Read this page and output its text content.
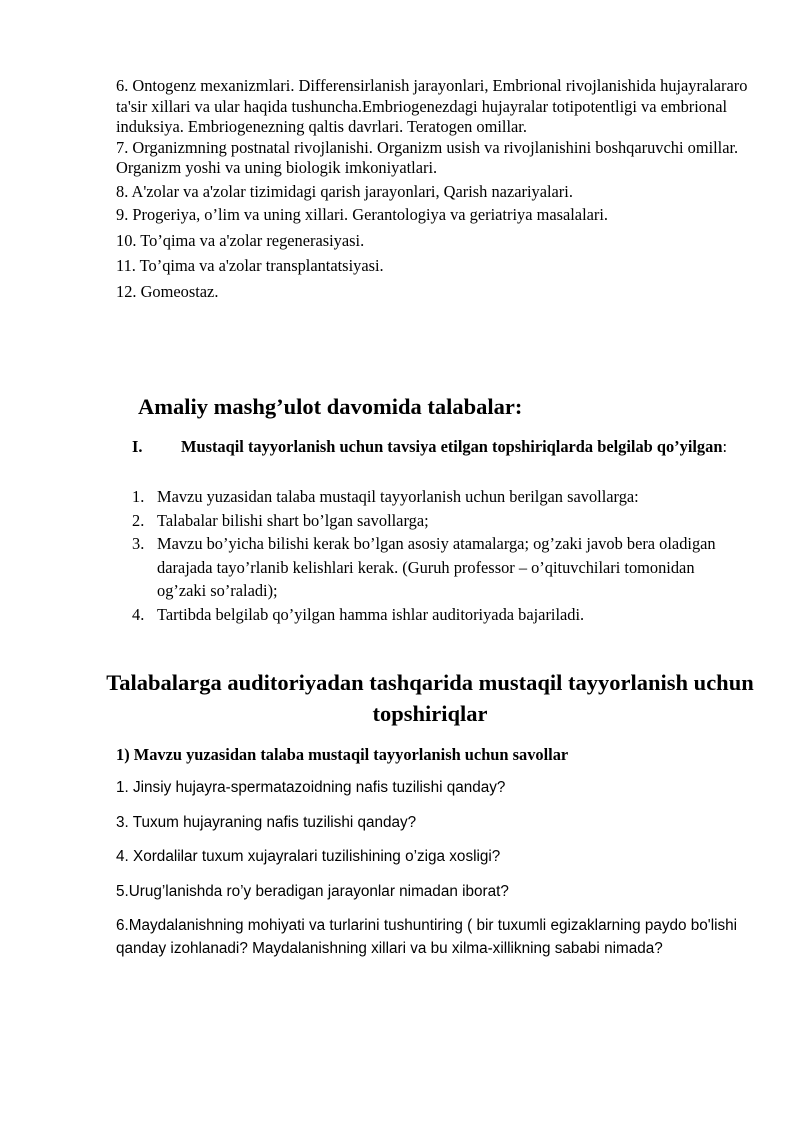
6. Ontogenz mexanizmlari. Differensirlanish jarayonlari, Embrional rivojlanishida hujayralararo ta'sir xillari va ular haqida tushuncha.Embriogenezdagi hujayralar totipotentligi va embrional induksiya. Embriogenezning qaltis davrlari. Teratogen omillar.

7. Organizmning postnatal rivojlanishi. Organizm usish va rivojlanishini boshqaruvchi omillar. Organizm yoshi va uning biologik imkoniyatlari.

8. A'zolar va a'zolar tizimidagi qarish jarayonlari, Qarish nazariyalari.

9. Progeriya, o’lim va uning xillari. Gerantologiya va geriatriya masalalari.

10. To’qima va a'zolar regenerasiyasi.

11. To’qima va a'zolar transplantatsiyasi.

12. Gomeostaz.

Amaliy mashg’ulot davomida talabalar:
I. Mustaqil tayyorlanish uchun tavsiya etilgan topshiriqlarda belgilab qo’yilgan:
1. Mavzu yuzasidan talaba mustaqil tayyorlanish uchun berilgan savollarga:
2. Talabalar bilishi shart bo’lgan savollarga;
3. Mavzu bo’yicha bilishi kerak bo’lgan asosiy atamalarga; og’zaki javob bera oladigan darajada tayo’rlanib kelishlari kerak. (Guruh professor – o’qituvchilari tomonidan og’zaki so’raladi);
4. Tartibda belgilab qo’yilgan hamma ishlar auditoriyada bajariladi.
Talabalarga auditoriyadan tashqarida mustaqil tayyorlanish uchun topshiriqlar

1) Mavzu yuzasidan talaba mustaqil tayyorlanish uchun savollar

1. Jinsiy hujayra-spermatazoidning nafis tuzilishi qanday?

3. Tuxum hujayraning nafis tuzilishi qanday?

4. Xordalilar tuxum xujayralari tuzilishining o’ziga xosligi?

5.Urug’lanishda ro’y beradigan jarayonlar nimadan iborat?

6.Maydalanishning mohiyati va turlarini tushuntiring ( bir tuxumli egizaklarning paydo bo'lishi qanday izohlanadi? Maydalanishning xillari va bu xilma-xillikning sababi nimada?
